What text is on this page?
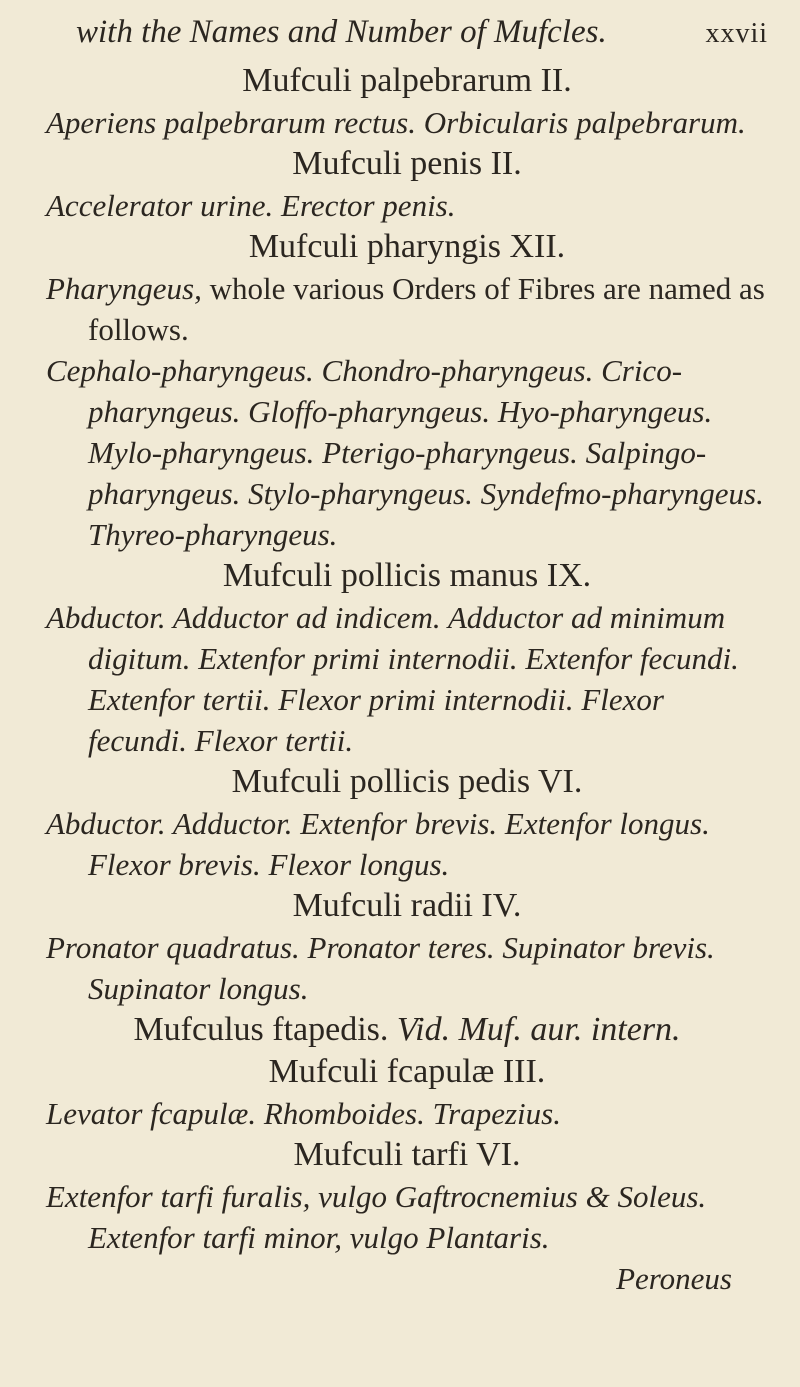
with the Names and Number of Mufcles.	xxvii

Mufculi palpebrarum II.

Aperiens palpebrarum rectus. Orbicularis palpebrarum.

Mufculi penis II.

Accelerator urine. Erector penis.

Mufculi pharyngis XII.

Pharyngeus, whole various Orders of Fibres are named as follows.

Cephalo-pharyngeus. Chondro-pharyngeus. Crico-pharyngeus. Gloffo-pharyngeus. Hyo-pharyngeus. Mylo-pharyngeus. Pterigo-pharyngeus. Salpingo-pharyngeus. Stylo-pharyngeus. Syndefmo-pharyngeus. Thyreo-pharyngeus.

Mufculi pollicis manus IX.

Abductor. Adductor ad indicem. Adductor ad minimum digitum. Extenfor primi internodii. Extenfor fecundi. Extenfor tertii. Flexor primi internodii. Flexor fecundi. Flexor tertii.

Mufculi pollicis pedis VI.

Abductor. Adductor. Extenfor brevis. Extenfor longus. Flexor brevis. Flexor longus.

Mufculi radii IV.

Pronator quadratus. Pronator teres. Supinator brevis. Supinator longus.

Mufculus ftapedis. Vid. Muf. aur. intern.

Mufculi fcapulæ III.

Levator fcapulæ. Rhomboides. Trapezius.

Mufculi tarfi VI.

Extenfor tarfi furalis, vulgo Gaftrocnemius & Soleus. Extenfor tarfi minor, vulgo Plantaris.

Peroneus
